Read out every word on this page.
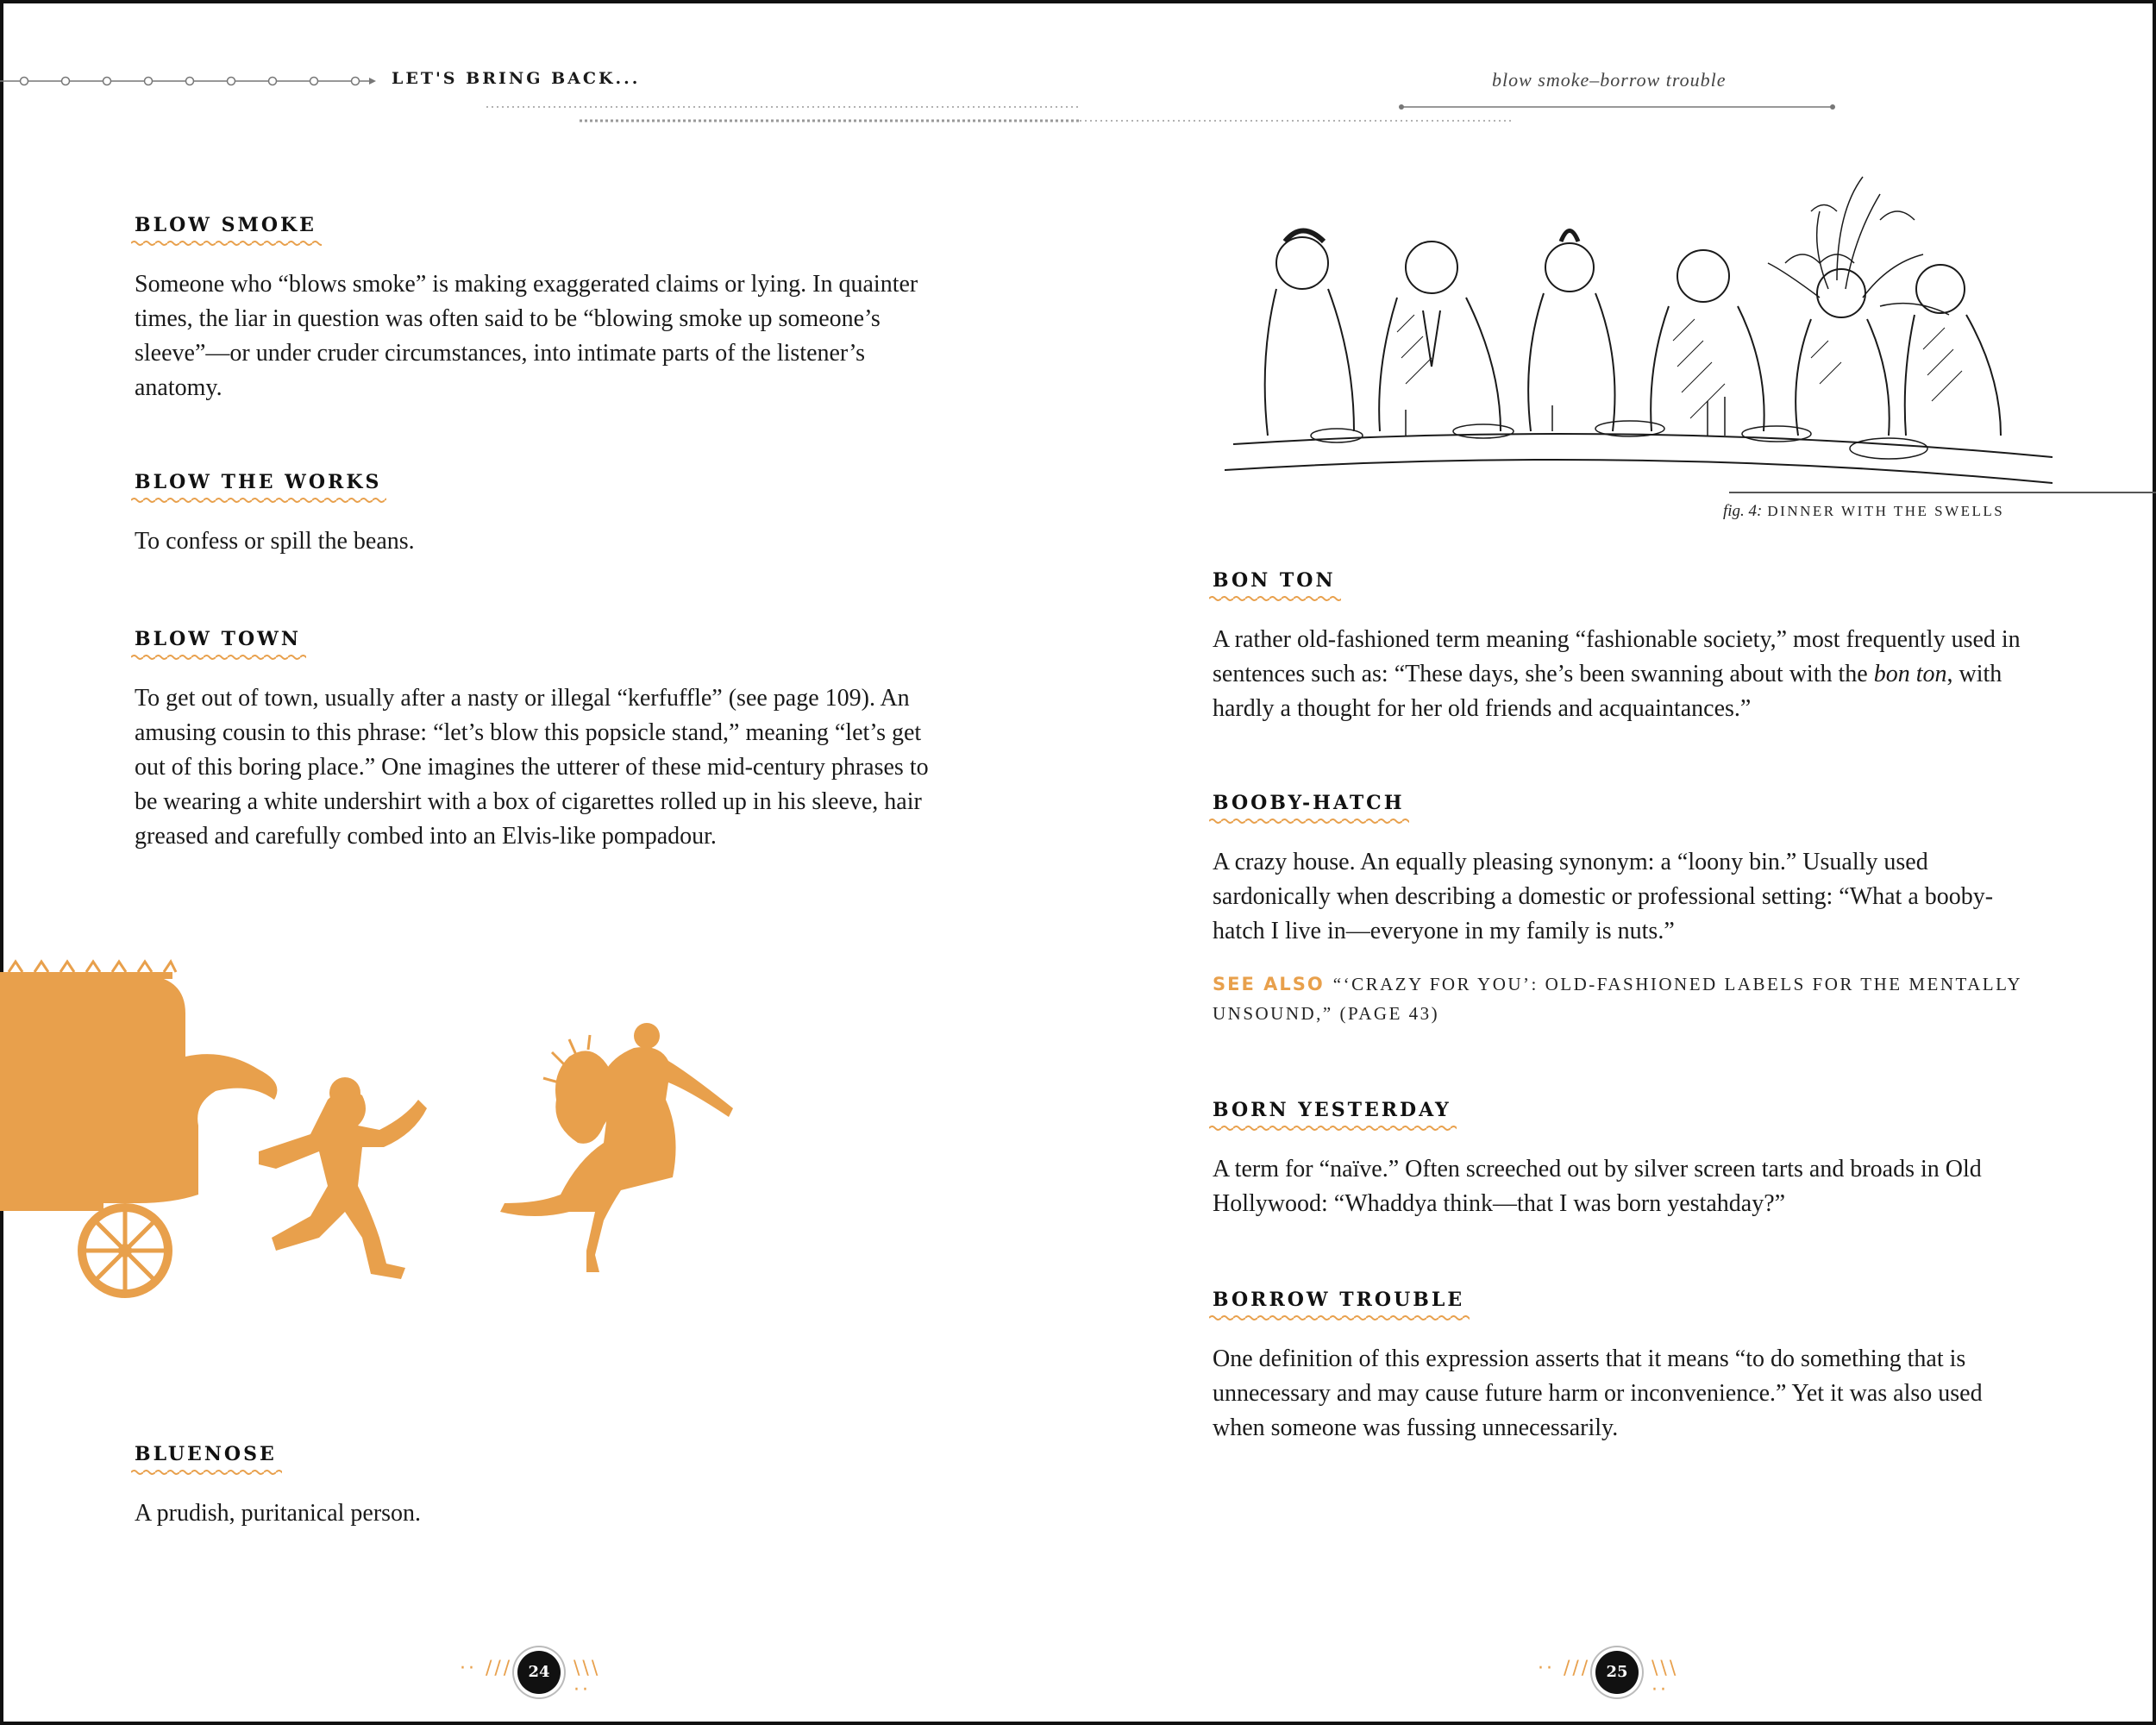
LET'S BRING BACK...	blow smoke–borrow trouble
BLOW SMOKE
Someone who “blows smoke” is making exaggerated claims or lying. In quainter times, the liar in question was often said to be “blowing smoke up someone’s sleeve”—or under cruder circumstances, into intimate parts of the listener’s anatomy.
BLOW THE WORKS
To confess or spill the beans.
BLOW TOWN
To get out of town, usually after a nasty or illegal “kerfuffle” (see page 109). An amusing cousin to this phrase: “let’s blow this popsicle stand,” meaning “let’s get out of this boring place.” One imagines the utterer of these mid-century phrases to be wearing a white undershirt with a box of cigarettes rolled up in his sleeve, hair greased and carefully combed into an Elvis-like pompadour.
BLUENOSE
A prudish, puritanical person.
fig. 4: DINNER WITH THE SWELLS
BON TON
A rather old-fashioned term meaning “fashionable society,” most frequently used in sentences such as: “These days, she’s been swanning about with the bon ton, with hardly a thought for her old friends and acquaintances.”
BOOBY-HATCH
A crazy house. An equally pleasing synonym: a “loony bin.” Usually used sardonically when describing a domestic or professional setting: “What a booby-hatch I live in—everyone in my family is nuts.”
SEE ALSO “‘CRAZY FOR YOU’: OLD-FASHIONED LABELS FOR THE MENTALLY UNSOUND,” (PAGE 43)
BORN YESTERDAY
A term for “naïve.” Often screeched out by silver screen tarts and broads in Old Hollywood: “Whaddya think—that I was born yestahday?”
BORROW TROUBLE
One definition of this expression asserts that it means “to do something that is unnecessary and may cause future harm or inconvenience.” Yet it was also used when someone was fussing unnecessarily.
·· ///	24	\\\ ··
·· ///	25	\\\ ··
